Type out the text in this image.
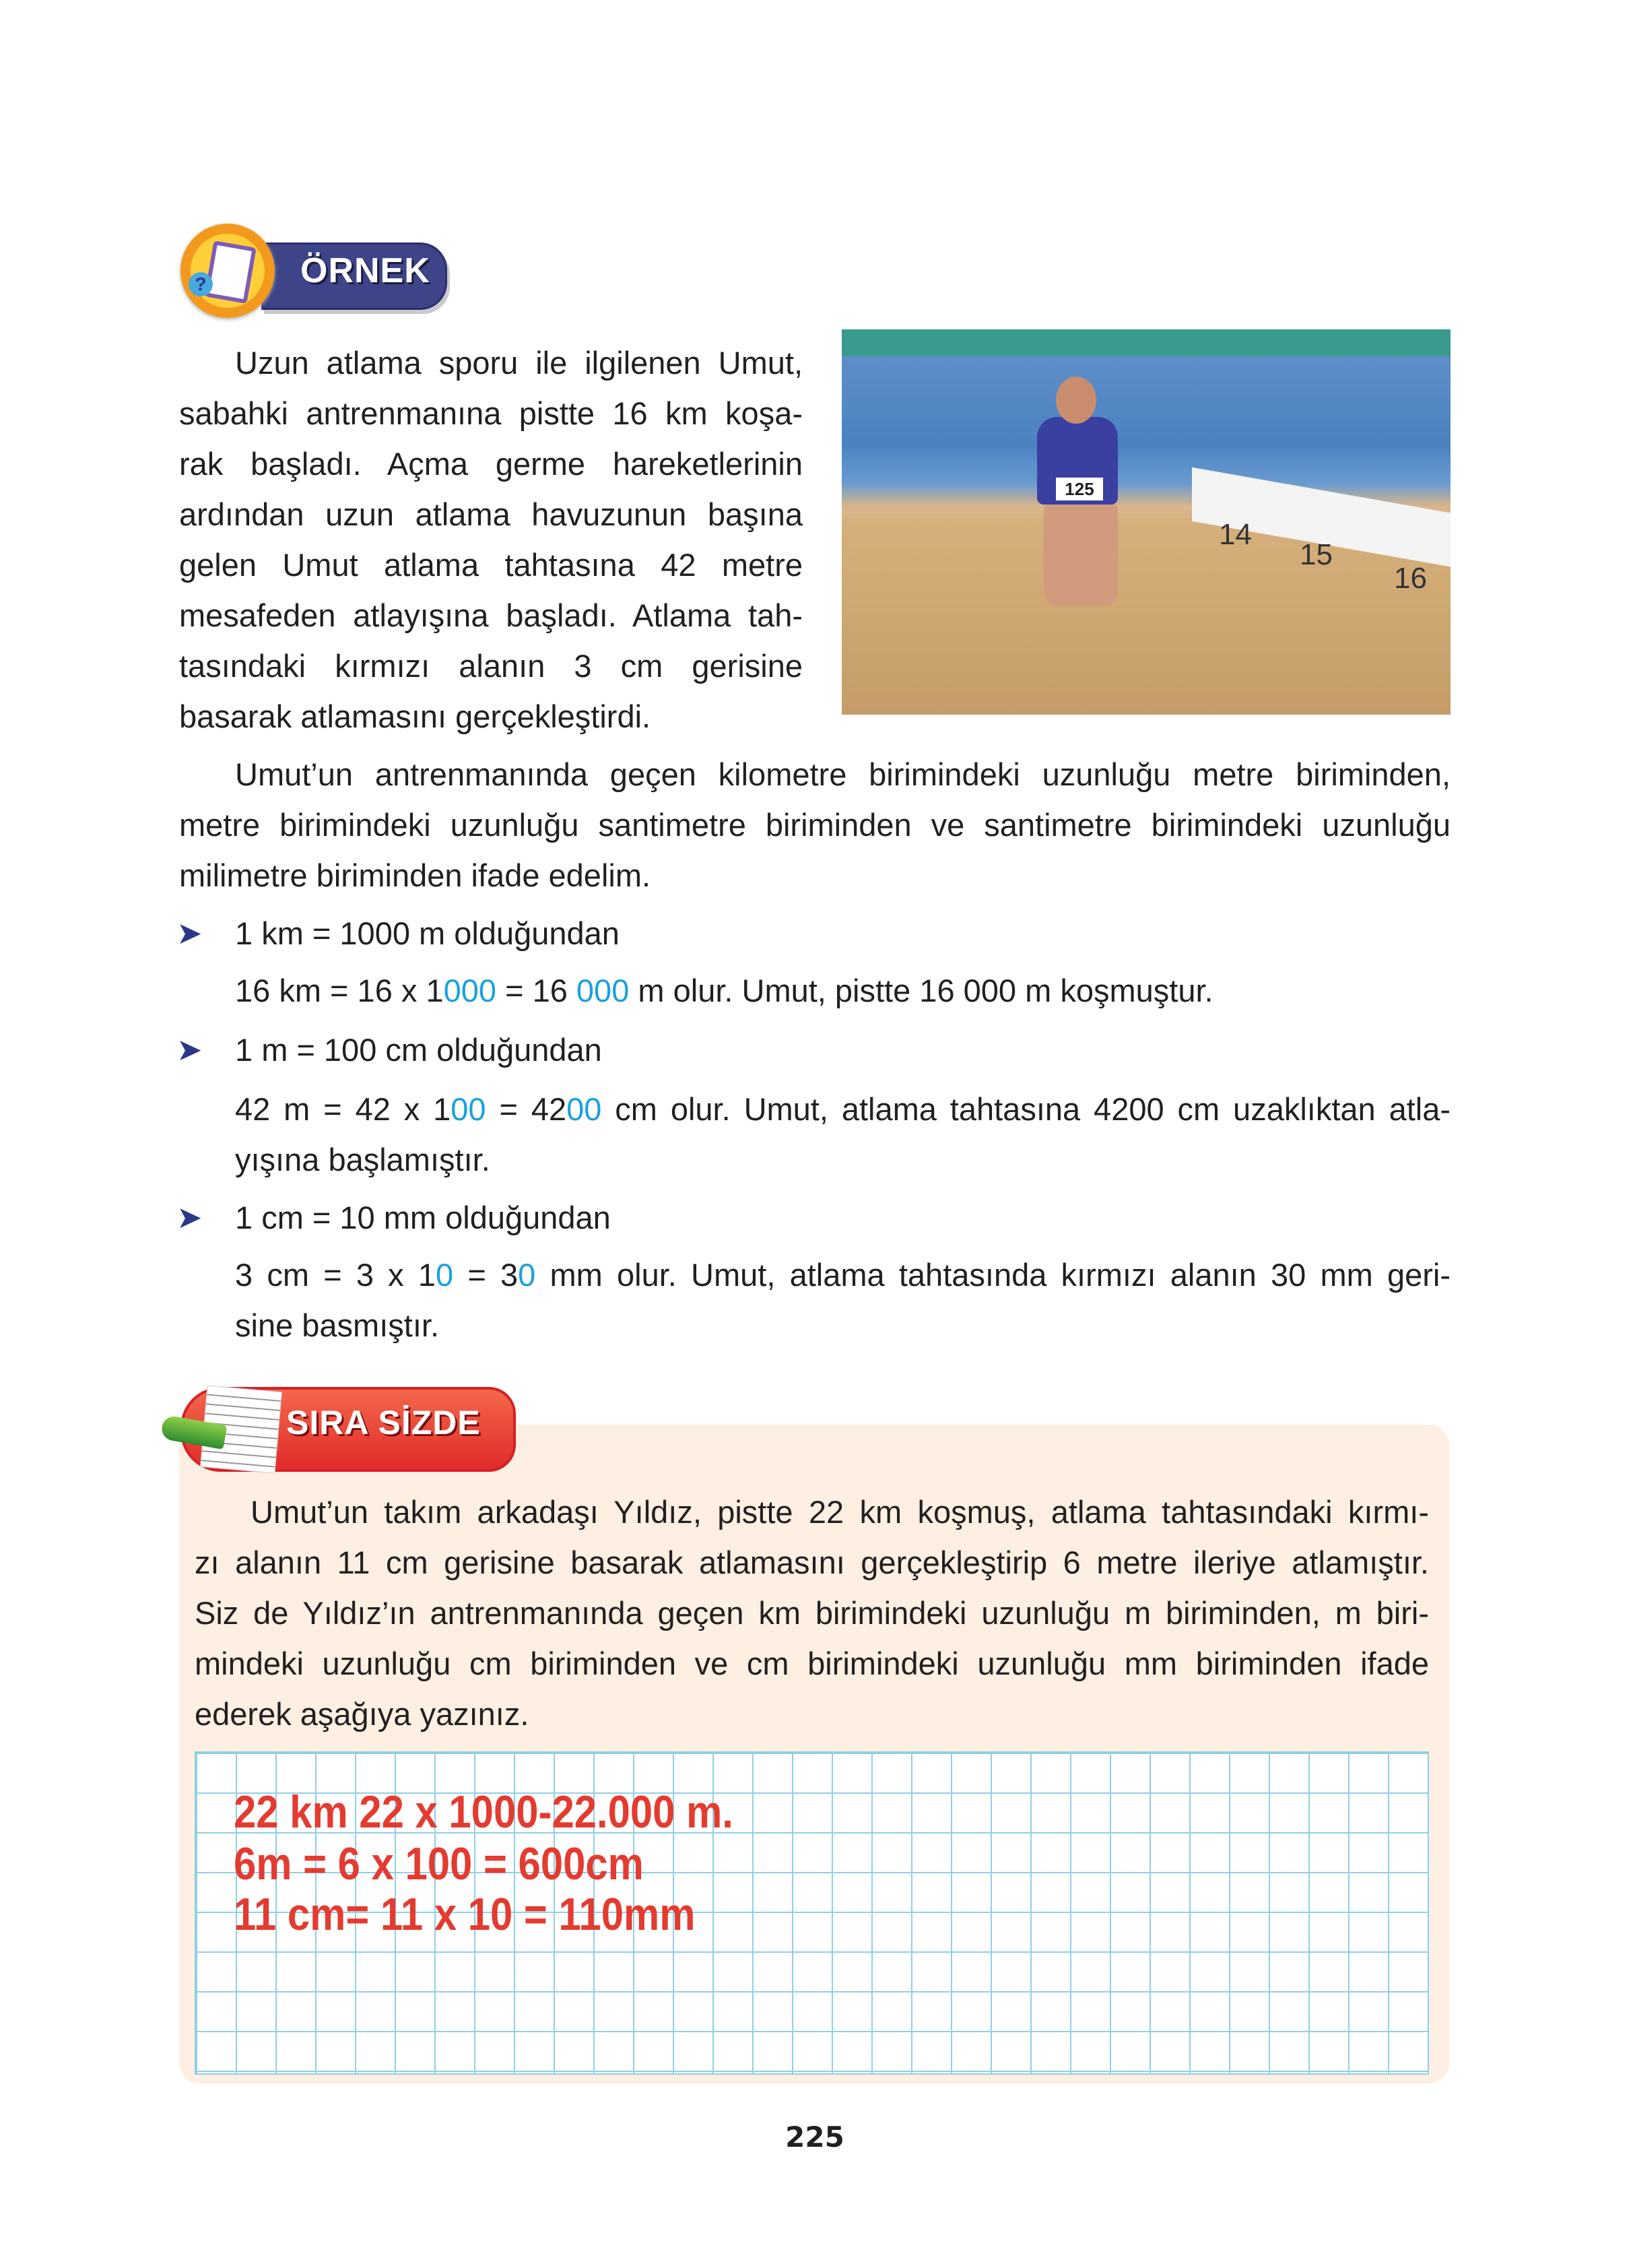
ÖRNEK
?
Uzun atlama sporu ile ilgilenen Umut,
sabahki antrenmanına pistte 16 km koşa-
rak başladı. Açma germe hareketlerinin
ardından uzun atlama havuzunun başına
gelen Umut atlama tahtasına 42 metre
mesafeden atlayışına başladı. Atlama tah-
tasındaki kırmızı alanın 3 cm gerisine
basarak atlamasını gerçekleştirdi.
125
14
15
16
Umut’un antrenmanında geçen kilometre birimindeki uzunluğu metre biriminden,
metre birimindeki uzunluğu santimetre biriminden ve santimetre birimindeki uzunluğu
milimetre biriminden ifade edelim.
➤ 1 km = 1000 m olduğundan
16 km = 16 x 1000 = 16 000 m olur. Umut, pistte 16 000 m koşmuştur.
➤ 1 m = 100 cm olduğundan
42 m = 42 x 100 = 4200 cm olur. Umut, atlama tahtasına 4200 cm uzaklıktan atla-
yışına başlamıştır.
➤ 1 cm = 10 mm olduğundan
3 cm = 3 x 10 = 30 mm olur. Umut, atlama tahtasında kırmızı alanın 30 mm geri-
sine basmıştır.
SIRA SİZDE
Umut’un takım arkadaşı Yıldız, pistte 22 km koşmuş, atlama tahtasındaki kırmı-
zı alanın 11 cm gerisine basarak atlamasını gerçekleştirip 6 metre ileriye atlamıştır.
Siz de Yıldız’ın antrenmanında geçen km birimindeki uzunluğu m biriminden, m biri-
mindeki uzunluğu cm biriminden ve cm birimindeki uzunluğu mm biriminden ifade
ederek aşağıya yazınız.
22 km 22 x 1000-22.000 m.
6m = 6 x 100 = 600cm
11 cm= 11 x 10 = 110mm
225
